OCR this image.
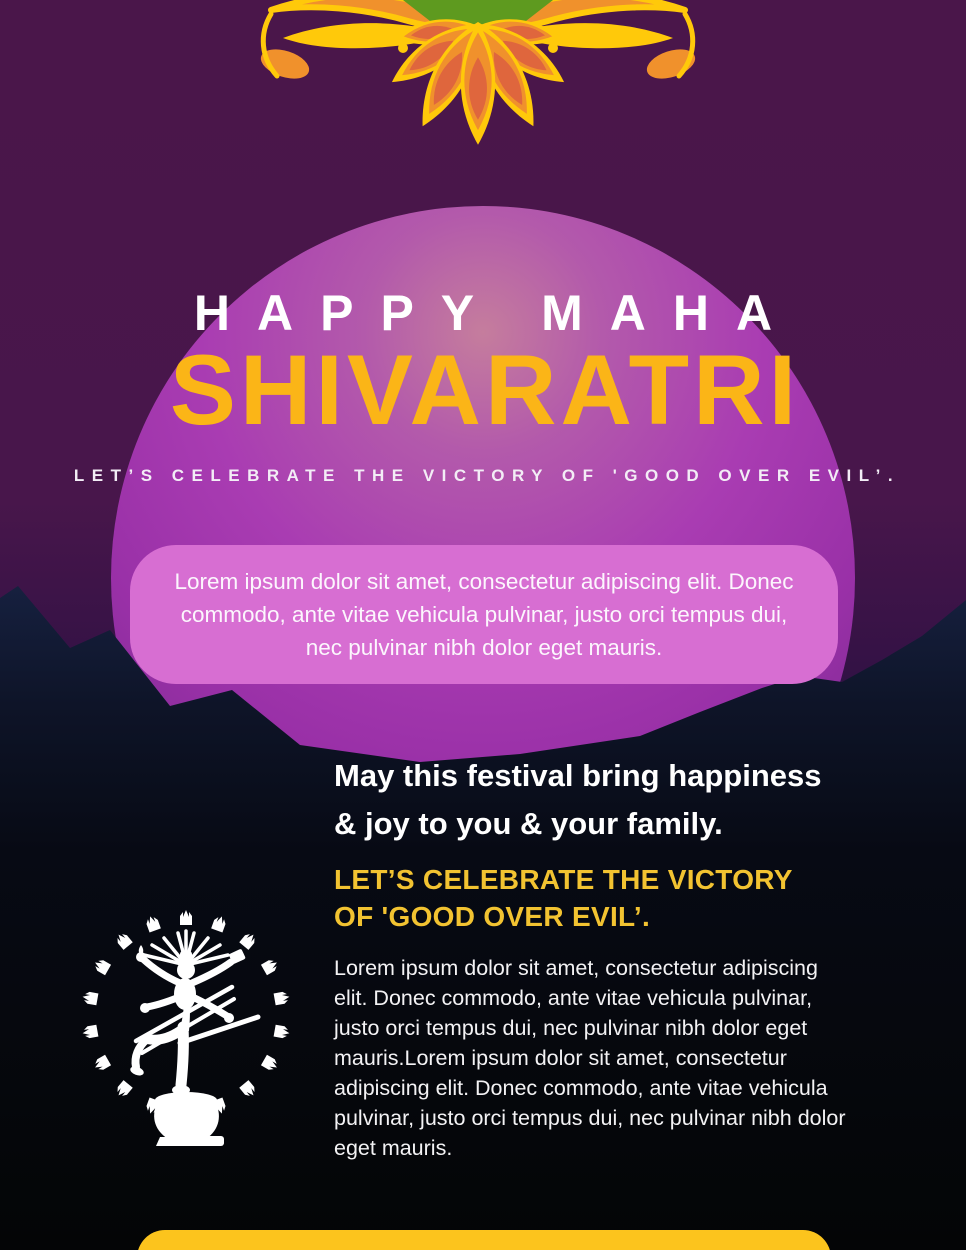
HAPPY MAHA
SHIVARATRI
LET’S CELEBRATE THE VICTORY OF 'GOOD OVER EVIL’.

Lorem ipsum dolor sit amet, consectetur adipiscing elit. Donec commodo, ante vitae vehicula pulvinar, justo orci tempus dui, nec pulvinar nibh dolor eget mauris.

May this festival bring happiness
& joy to you & your family.
LET’S CELEBRATE THE VICTORY
OF 'GOOD OVER EVIL’.

Lorem ipsum dolor sit amet, consectetur adipiscing elit. Donec commodo, ante vitae vehicula pulvinar, justo orci tempus dui, nec pulvinar nibh dolor eget mauris.Lorem ipsum dolor sit amet, consectetur adipiscing elit. Donec commodo, ante vitae vehicula pulvinar, justo orci tempus dui, nec pulvinar nibh dolor eget mauris.
